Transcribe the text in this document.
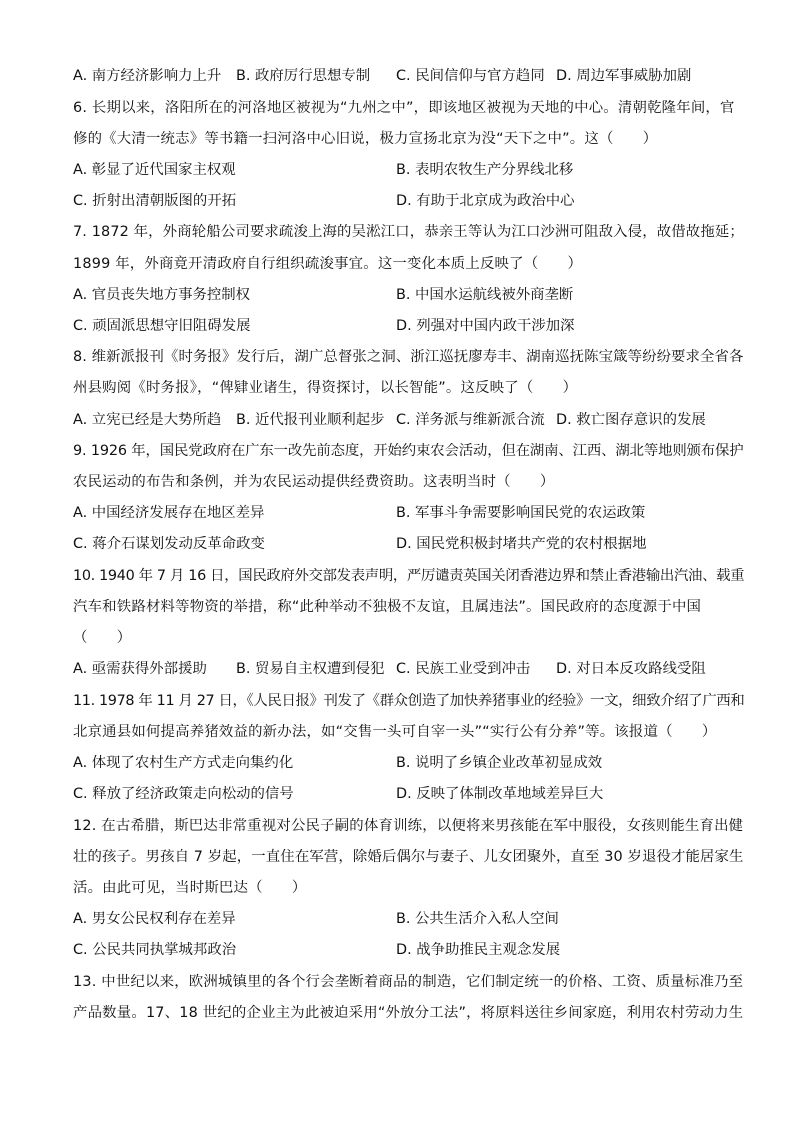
A. 南方经济影响力上升 B. 政府厉行思想专制 C. 民间信仰与官方趋同 D. 周边军事威胁加剧
6. 长期以来，洛阳所在的河洛地区被视为“九州之中”，即该地区被视为天地的中心。清朝乾隆年间，官
修的《大清一统志》等书籍一扫河洛中心旧说，极力宣扬北京为没“天下之中”。这（　　）
A. 彰显了近代国家主权观	B. 表明农牧生产分界线北移
C. 折射出清朝版图的开拓	D. 有助于北京成为政治中心
7. 1872 年，外商轮船公司要求疏浚上海的吴淞江口，恭亲王等认为江口沙洲可阻敌入侵，故借故拖延；
1899 年，外商竟开清政府自行组织疏浚事宜。这一变化本质上反映了（　　）
A. 官员丧失地方事务控制权	B. 中国水运航线被外商垄断
C. 顽固派思想守旧阻碍发展	D. 列强对中国内政干涉加深
8. 维新派报刊《时务报》发行后，湖广总督张之洞、浙江巡抚廖寿丰、湖南巡抚陈宝箴等纷纷要求全省各
州县购阅《时务报》，“俾肄业诸生，得资探讨，以长智能”。这反映了（　　）
A. 立宪已经是大势所趋 B. 近代报刊业顺利起步 C. 洋务派与维新派合流 D. 救亡图存意识的发展
9. 1926 年，国民党政府在广东一改先前态度，开始约束农会活动，但在湖南、江西、湖北等地则颁布保护
农民运动的布告和条例，并为农民运动提供经费资助。这表明当时（　　）
A. 中国经济发展存在地区差异	B. 军事斗争需要影响国民党的农运政策
C. 蒋介石谋划发动反革命政变	D. 国民党积极封堵共产党的农村根据地
10. 1940 年 7 月 16 日，国民政府外交部发表声明，严厉谴责英国关闭香港边界和禁止香港输出汽油、载重
汽车和铁路材料等物资的举措，称“此种举动不独极不友谊，且属违法”。国民政府的态度源于中国
（　　）
A. 亟需获得外部援助 B. 贸易自主权遭到侵犯 C. 民族工业受到冲击 D. 对日本反攻路线受阻
11. 1978 年 11 月 27 日，《人民日报》刊发了《群众创造了加快养猪事业的经验》一文，细致介绍了广西和
北京通县如何提高养猪效益的新办法，如“交售一头可自宰一头”“实行公有分养”等。该报道（　　）
A. 体现了农村生产方式走向集约化	B. 说明了乡镇企业改革初显成效
C. 释放了经济政策走向松动的信号	D. 反映了体制改革地域差异巨大
12. 在古希腊，斯巴达非常重视对公民子嗣的体育训练，以便将来男孩能在军中服役，女孩则能生育出健
壮的孩子。男孩自 7 岁起，一直住在军营，除婚后偶尔与妻子、儿女团聚外，直至 30 岁退役才能居家生
活。由此可见，当时斯巴达（　　）
A. 男女公民权利存在差异	B. 公共生活介入私人空间
C. 公民共同执掌城邦政治	D. 战争助推民主观念发展
13. 中世纪以来，欧洲城镇里的各个行会垄断着商品的制造，它们制定统一的价格、工资、质量标准乃至
产品数量。17、18 世纪的企业主为此被迫采用“外放分工法”，将原料送往乡间家庭，利用农村劳动力生
